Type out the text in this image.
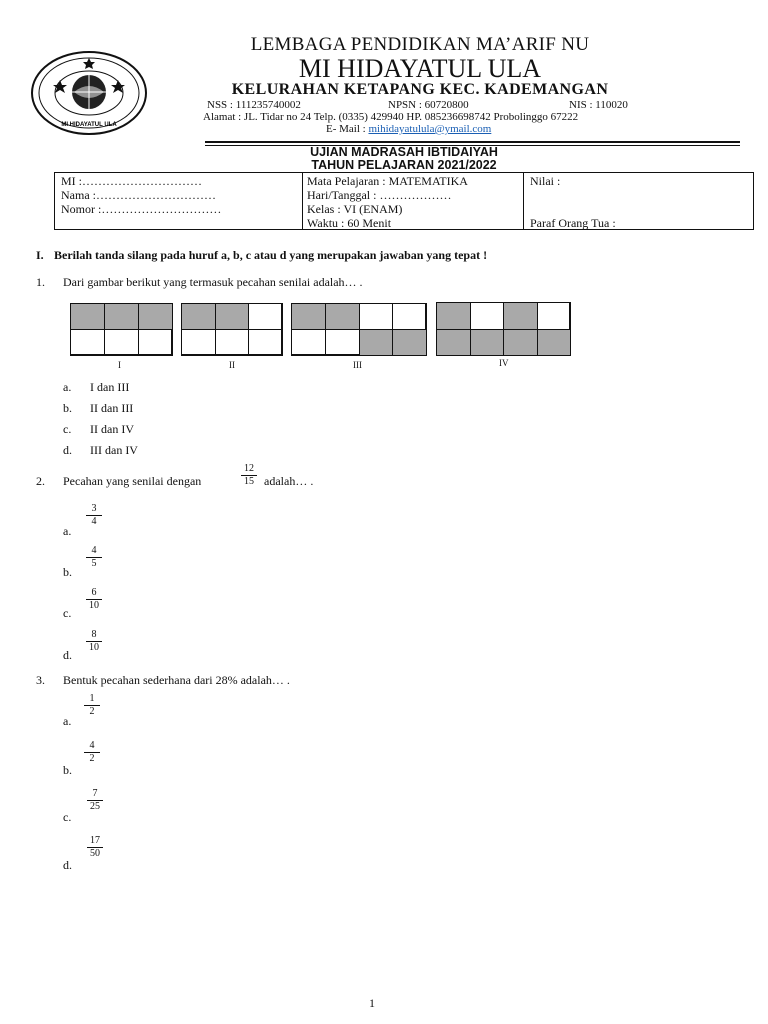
MI HIDAYATUL ULA
LEMBAGA PENDIDIKAN MA’ARIF NU
MI HIDAYATUL ULA
KELURAHAN KETAPANG KEC. KADEMANGAN
NSS : 111235740002	NPSN : 60720800	NIS : 110020
Alamat : JL. Tidar no 24 Telp. (0335) 429940 HP. 085236698742 Probolinggo 67222
E- Mail : mihidayatulula@ymail.com
UJIAN MADRASAH IBTIDAIYAH
TAHUN PELAJARAN 2021/2022
MI :…………………………
Nama :…………………………
Nomor :…………………………
Mata Pelajaran : MATEMATIKA
Hari/Tanggal : ………………
Kelas : VI (ENAM)
Waktu : 60 Menit
Nilai :
Paraf Orang Tua :
I. Berilah tanda silang pada huruf a, b, c atau d yang merupakan jawaban yang tepat !
1. Dari gambar berikut yang termasuk pecahan senilai adalah… .
I	II	III	IV
a. I dan III
b. II dan III
c. II dan IV
d. III dan IV
2. Pecahan yang senilai dengan
12
15 adalah… .
3
4
a.
4
5
b.
6
10
c.
8
10
d.
3. Bentuk pecahan sederhana dari 28% adalah… .
1
2
a.
4
2
b.
7
25
c.
17
50
d.
1
